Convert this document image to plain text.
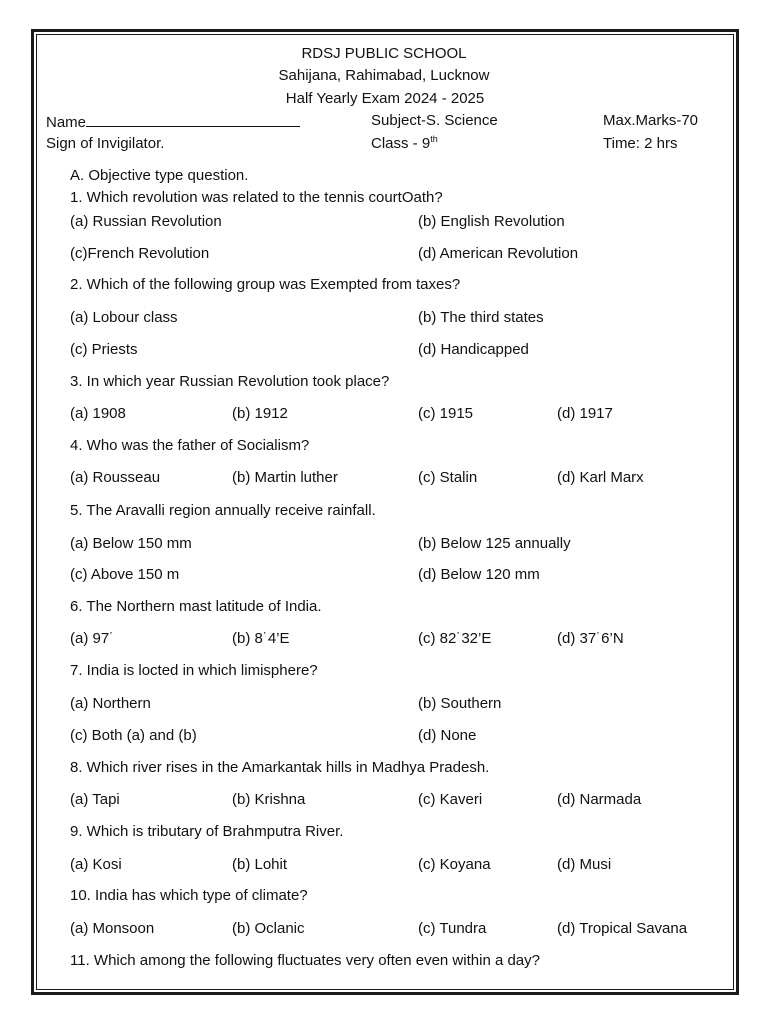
RDSJ PUBLIC SCHOOL
Sahijana, Rahimabad, Lucknow
Half Yearly Exam 2024 - 2025
Name	Subject-S. Science	Max.Marks-70
Sign of Invigilator.	Class - 9th	Time: 2 hrs
A. Objective type question.
1. Which revolution was related to the tennis courtOath?
(a) Russian Revolution	(b) English Revolution
(c)French Revolution	(d) American Revolution
2. Which of the following group was Exempted from taxes?
(a) Lobour class	(b) The third states
(c) Priests	(d) Handicapped
3. In which year Russian Revolution took place?
(a) 1908	(b) 1912	(c) 1915	(d) 1917
4. Who was the father of Socialism?
(a) Rousseau	(b) Martin luther	(c) Stalin	(d) Karl Marx
5. The Aravalli region annually receive rainfall.
(a) Below 150 mm	(b) Below 125 annually
(c) Above 150 m	(d) Below 120 mm
6. The Northern mast latitude of India.
(a) 97˙	(b) 8˙4’E	(c) 82˙32’E	(d) 37˙6’N
7. India is locted in which limisphere?
(a) Northern	(b) Southern
(c) Both (a) and (b)	(d) None
8. Which river rises in the Amarkantak hills in Madhya Pradesh.
(a) Tapi	(b) Krishna	(c) Kaveri	(d) Narmada
9. Which is tributary of Brahmputra River.
(a) Kosi	(b) Lohit	(c) Koyana	(d) Musi
10. India has which type of climate?
(a) Monsoon	(b) Oclanic	(c) Tundra	(d) Tropical Savana
11. Which among the following fluctuates very often even within a day?
